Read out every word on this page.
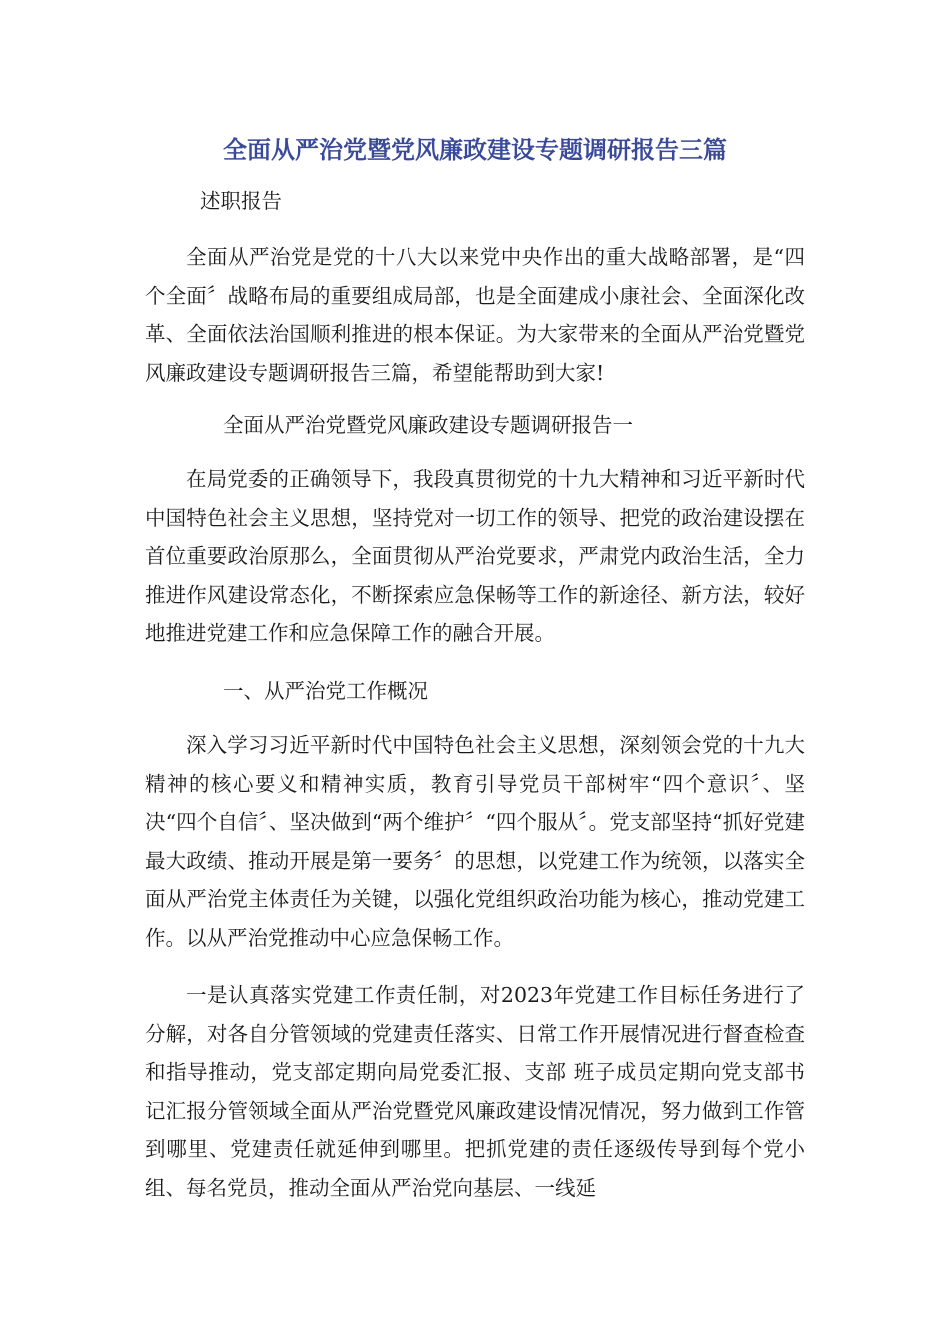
全面从严治党暨党风廉政建设专题调研报告三篇
述职报告

全面从严治党是党的十八大以来党中央作出的重大战略部署，是“四个全面〞战略布局的重要组成局部，也是全面建成小康社会、全面深化改革、全面依法治国顺利推进的根本保证。为大家带来的全面从严治党暨党风廉政建设专题调研报告三篇，希望能帮助到大家!

全面从严治党暨党风廉政建设专题调研报告一

在局党委的正确领导下，我段真贯彻党的十九大精神和习近平新时代中国特色社会主义思想，坚持党对一切工作的领导、把党的政治建设摆在首位重要政治原那么，全面贯彻从严治党要求，严肃党内政治生活，全力推进作风建设常态化，不断探索应急保畅等工作的新途径、新方法，较好地推进党建工作和应急保障工作的融合开展。

一、从严治党工作概况

深入学习习近平新时代中国特色社会主义思想，深刻领会党的十九大精神的核心要义和精神实质，教育引导党员干部树牢“四个意识〞、坚决“四个自信〞、坚决做到“两个维护〞“四个服从〞。党支部坚持“抓好党建最大政绩、推动开展是第一要务〞的思想，以党建工作为统领，以落实全面从严治党主体责任为关键，以强化党组织政治功能为核心，推动党建工作。以从严治党推动中心应急保畅工作。

一是认真落实党建工作责任制，对2023年党建工作目标任务进行了分解，对各自分管领域的党建责任落实、日常工作开展情况进行督查检查和指导推动，党支部定期向局党委汇报、支部 班子成员定期向党支部书记汇报分管领域全面从严治党暨党风廉政建设情况情况，努力做到工作管到哪里、党建责任就延伸到哪里。把抓党建的责任逐级传导到每个党小组、每名党员，推动全面从严治党向基层、一线延
